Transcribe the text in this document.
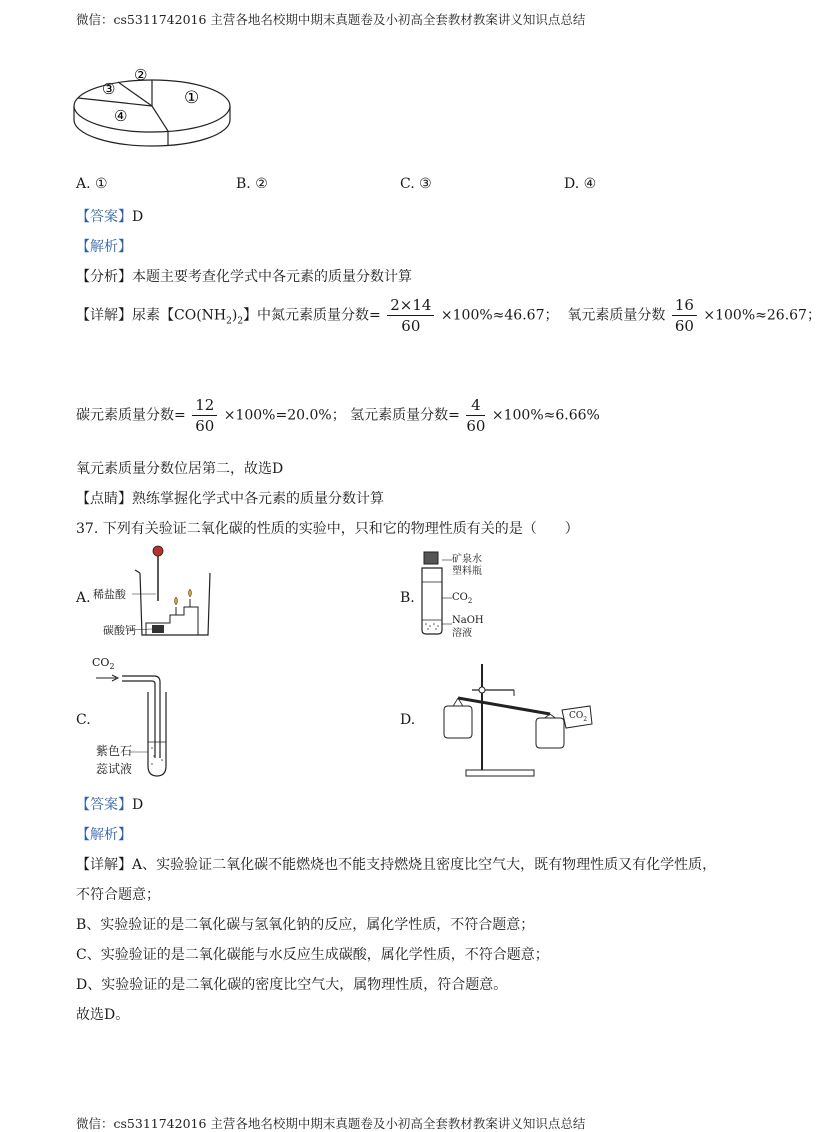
微信：cs5311742016 主营各地名校期中期末真题卷及小初高全套教材教案讲义知识点总结
①
②
③
④
A. ①	B. ②	C. ③	D. ④
【答案】D
【解析】
【分析】本题主要考查化学式中各元素的质量分数计算
【详解】尿素【$CO(NH_2)_2$】中氮元素质量分数= $\frac{2\times 14}{60} \times 100\%\approx 46.67$； 氧元素质量分数 $\frac{16}{60} \times 100\%\approx 26.67$；
碳元素质量分数= $\frac{12}{60} \times 100\%=20.0\%$； 氢元素质量分数= $\frac{4}{60} \times 100\%\approx 6.66\%$
氧元素质量分数位居第二，故选D
【点睛】熟练掌握化学式中各元素的质量分数计算
37. 下列有关验证二氧化碳的性质的实验中，只和它的物理性质有关的是（　　）
A. 稀盐酸
碳酸钙
B.
矿泉水
塑料瓶
$CO_2$
NaOH
溶液
C.
$CO_2$
紫色石
蕊试液
D.	$CO_2$
【答案】D
【解析】
【详解】A、实验验证二氧化碳不能燃烧也不能支持燃烧且密度比空气大，既有物理性质又有化学性质，
不符合题意；
B、实验验证的是二氧化碳与氢氧化钠的反应，属化学性质，不符合题意；
C、实验验证的是二氧化碳能与水反应生成碳酸，属化学性质，不符合题意；
D、实验验证的是二氧化碳的密度比空气大，属物理性质，符合题意。
故选D。
微信：cs5311742016 主营各地名校期中期末真题卷及小初高全套教材教案讲义知识点总结
